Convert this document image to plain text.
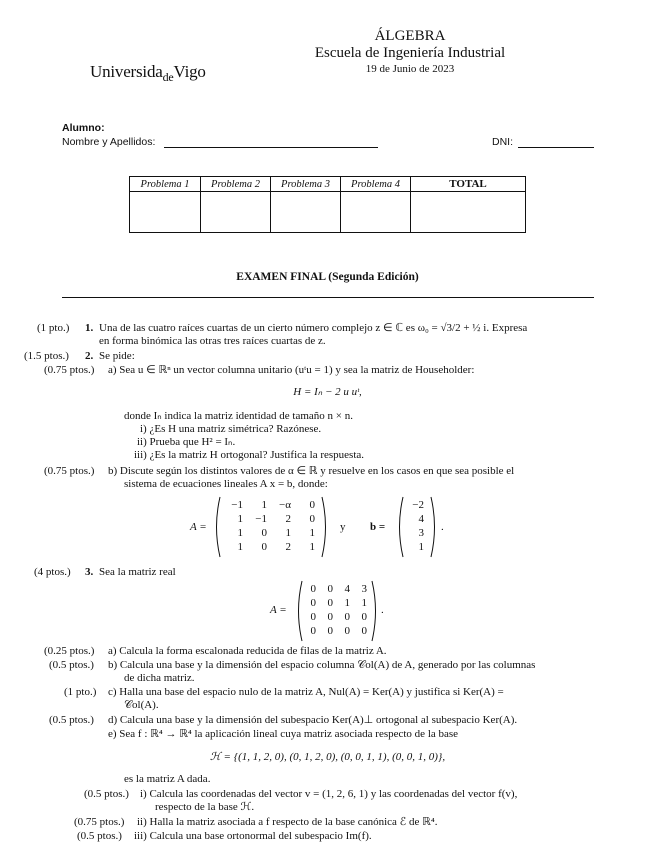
Universida$_{de}$Vigo
ÁLGEBRA
Escuela de Ingeniería Industrial
19 de Junio de 2023
Alumno:
Nombre y Apellidos:	DNI:
Problema 1	Problema 2	Problema 3	Problema 4	TOTAL

EXAMEN FINAL (Segunda Edición)
(1 pto.) 1. Una de las cuatro raíces cuartas de un cierto número complejo z ∈ ℂ es ω₀ = √3/2 + ½ i. Expresa
en forma binómica las otras tres raíces cuartas de z.
(1.5 ptos.) 2. Se pide:
(0.75 ptos.) a) Sea u ∈ ℝⁿ un vector columna unitario (uᵗu = 1) y sea la matriz de Householder:
H = Iₙ − 2 u uᵗ,
donde Iₙ indica la matriz identidad de tamaño n × n.
i) ¿Es H una matriz simétrica? Razónese.
ii) Prueba que H² = Iₙ.
iii) ¿Es la matriz H ortogonal? Justifica la respuesta.
(0.75 ptos.) b) Discute según los distintos valores de α ∈ ℝ y resuelve en los casos en que sea posible el
sistema de ecuaciones lineales A x = b, donde:
A =
−1	1	−α	0
1	−1	2	0
1	0	1	1
1	0	2	1
y b =
−2
4
3
1
.
(4 ptos.) 3. Sea la matriz real
A =
0	0	4	3
0	0	1	1
0	0	0	0
0	0	0	0
.
(0.25 ptos.) a) Calcula la forma escalonada reducida de filas de la matriz A.
(0.5 ptos.) b) Calcula una base y la dimensión del espacio columna 𝒞ol(A) de A, generado por las columnas
de dicha matriz.
(1 pto.) c) Halla una base del espacio nulo de la matriz A, Nul(A) = Ker(A) y justifica si Ker(A) =
𝒞ol(A).
(0.5 ptos.) d) Calcula una base y la dimensión del subespacio Ker(A)⊥ ortogonal al subespacio Ker(A).
e) Sea f : ℝ⁴ → ℝ⁴ la aplicación lineal cuya matriz asociada respecto de la base
ℋ = {(1, 1, 2, 0), (0, 1, 2, 0), (0, 0, 1, 1), (0, 0, 1, 0)},
es la matriz A dada.
(0.5 ptos.) i) Calcula las coordenadas del vector v = (1, 2, 6, 1) y las coordenadas del vector f(v),
respecto de la base ℋ.
(0.75 ptos.) ii) Halla la matriz asociada a f respecto de la base canónica ℰ de ℝ⁴.
(0.5 ptos.) iii) Calcula una base ortonormal del subespacio Im(f).
